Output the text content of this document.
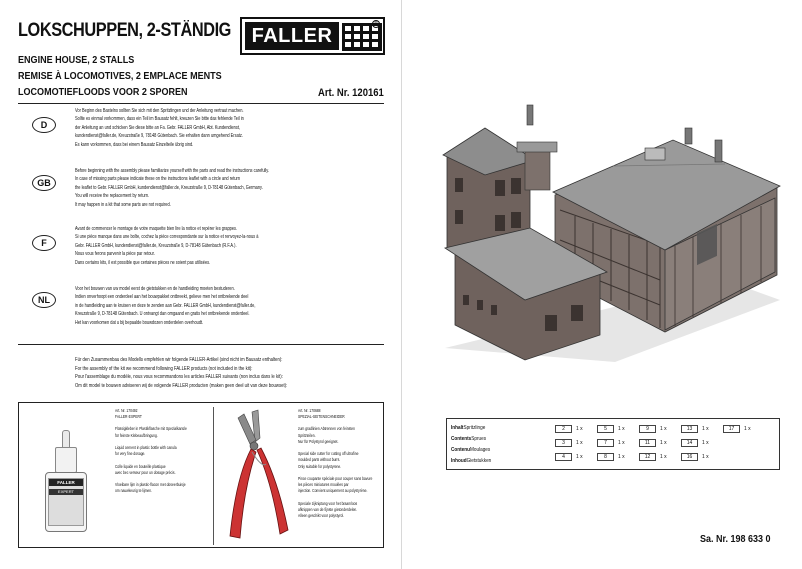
LOKSCHUPPEN, 2-STÄNDIG
ENGINE HOUSE, 2 STALLS
REMISE À LOCOMOTIVES, 2 EMPLACE MENTS
LOCOMOTIEFLOODS VOOR 2 SPOREN	Art. Nr. 120161
FALLER
®
D
Vor Beginn des Bastelns sollten Sie sich mit den Spritzlingen und der Anleitung vertraut machen.
Sollte es einmal vorkommen, dass ein Teil im Bausatz fehlt, kreuzen Sie bitte das fehlende Teil in
der Anleitung an und schicken Sie diese bitte an Fa. Gebr. FALLER GmbH, Abt. Kundendienst,
kundendienst@faller.de, Kreuzstraße 9, 78148 Gütenbach. Sie erhalten dann umgehend Ersatz.
Es kann vorkommen, dass bei einem Bausatz Einzelteile übrig sind.
GB
Before beginning with the assembly please familiarize yourself with the parts and read the instructions carefully.
In case of missing parts please indicate these on the instructions leaflet with a circle and return
the leaflet to Gebr. FALLER GmbH, kundendienst@faller.de, Kreuzstraße 9, D-78148 Gütenbach, Germany.
You will receive the replacement by return.
It may happen in a kit that some parts are not required.
F
Avant de commencer le montage de votre maquette bien lire la notice et repérer les grappes.
Si une pièce manque dans une boîte, cochez la pièce correspondante sur la notice et renvoyez-la-nous à
Gebr. FALLER GmbH, kundendienst@faller.de, Kreuzstraße 9, D-78148 Gütenbach (R.F.A.).
Nous vous ferons parvenir la pièce par retour.
Dans certains kits, il est possible que certaines pièces ne soient pas utilisées.
NL
Voor het bouwen van uw model eerst de gietstukken en de handleiding moeten bestuderen.
Indien onverhoopt een onderdeel aan het bouwpakket ontbreekt, gelieve men het ontbrekende deel
in de handleiding aan te kruisen en deze te zenden aan Gebr. FALLER GmbH, kundendienst@faller.de,
Kreuzstraße 9, D-78148 Gütenbach. U ontvangt dan omgaand en gratis het ontbrekende onderdeel.
Het kan voorkomen dat u bij bepaalde bouwdozen onderdelen overhoudt.
Für den Zusammenbau des Modells empfehlen wir folgende FALLER-Artikel (sind nicht im Bausatz enthalten):
For the assembly of the kit we recommend following FALLER products (not included in the kit):
Pour l'assemblage du modèle, nous vous recommandons les articles FALLER suivants (non inclus dans le kit):
Om dit model te bouwen adviseren wij de volgende FALLER producten (maken geen deel uit van deze bouwset):
FALLER
EXPERT
Art. Nr. 170492
FALLER-EXPERT
Flüssigkleber in Plastikflasche mit Spezialkanüle
für feinste Klebeaufbringung.

Liquid cement in plastic bottle with canula
for very fine dosage.

Colle liquide en bouteille plastique
avec bec verseur pour un dosage précis.

Vloeibare lijm in plastic-flacon met doseerbuisje
om nauwkeurig te lijmen.
Art. Nr. 170688
SPEZIAL-SEITENSCHNEIDER
zum gradlinien Abtrennen von feinsten
Spritzteilen.
Nur für Polystyrol geeignet.

Special side cutter for cutting off ultrafine
moulded parts without burrs.
Only suitable for polystyrene.

Pince coupante spéciale pour couper sans bavure
les pièces miniatures moulées par
injection. Convient uniquement au polystyrène.

Speciale zijkniptang voor het braamloos
afknippen van de fijnste gietonderdelen.
Alleen geschikt voor polystyrol.
InhaltSpritzlinge
ContentsSprues
ContenuMoulages
InhoudGietstukken
2	1 x	5	1 x	9	1 x	13	1 x	17	1 x
3	1 x	7	1 x	11	1 x	14	1 x
4	1 x	8	1 x	12	1 x	16	1 x
Sa. Nr. 198 633 0
